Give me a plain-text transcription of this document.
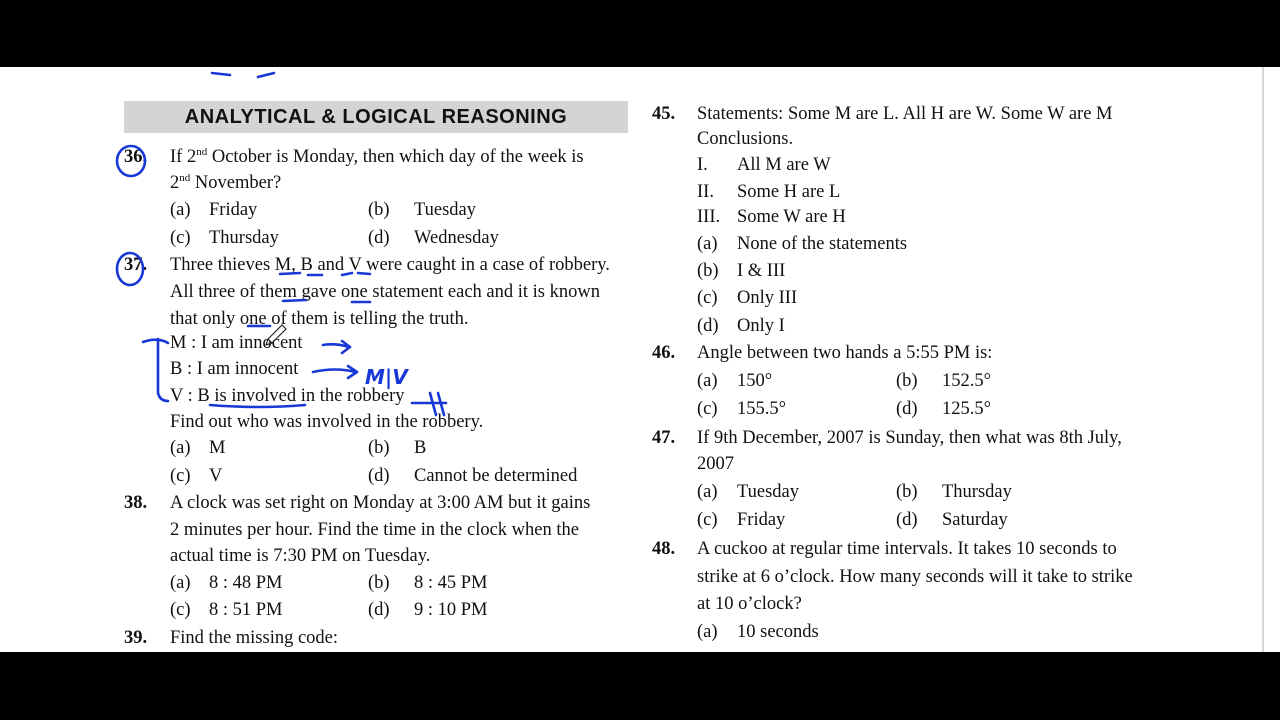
ANALYTICAL & LOGICAL REASONING
36. If 2nd October is Monday, then which day of the week is
2nd November?
(a) Friday	(b) Tuesday
(c) Thursday	(d) Wednesday
37. Three thieves M, B and V were caught in a case of robbery.
All three of them gave one statement each and it is known
that only one of them is telling the truth.
M : I am innocent
B : I am innocent
V : B is involved in the robbery
Find out who was involved in the robbery.
(a) M	(b) B
(c) V	(d) Cannot be determined
38. A clock was set right on Monday at 3:00 AM but it gains
2 minutes per hour. Find the time in the clock when the
actual time is 7:30 PM on Tuesday.
(a) 8 : 48 PM	(b) 8 : 45 PM
(c) 8 : 51 PM	(d) 9 : 10 PM
39. Find the missing code:
45. Statements: Some M are L. All H are W. Some W are M
Conclusions.
I. All M are W
II. Some H are L
III. Some W are H
(a) None of the statements
(b) I & III
(c) Only III
(d) Only I
46. Angle between two hands a 5:55 PM is:
(a) 150°	(b) 152.5°
(c) 155.5°	(d) 125.5°
47. If 9th December, 2007 is Sunday, then what was 8th July,
2007
(a) Tuesday	(b) Thursday
(c) Friday	(d) Saturday
48. A cuckoo at regular time intervals. It takes 10 seconds to
strike at 6 o’clock. How many seconds will it take to strike
at 10 o’clock?
(a) 10 seconds
M|V
